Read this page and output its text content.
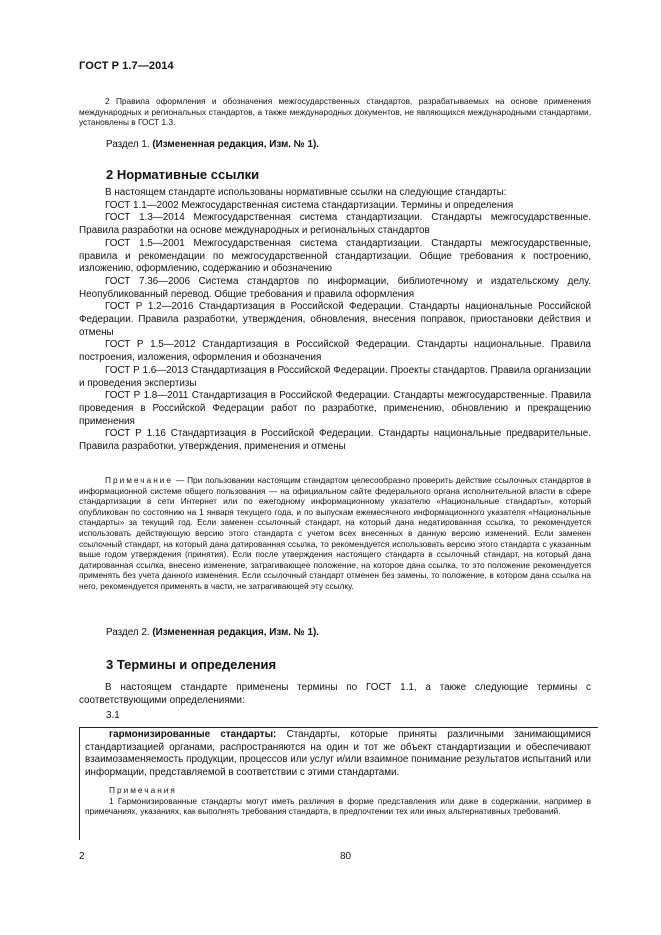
ГОСТ Р 1.7—2014

2 Правила оформления и обозначения межгосударственных стандартов, разрабатываемых на основе применения международных и региональных стандартов, а также международных документов, не являющихся международными стандартами, установлены в ГОСТ 1.3.

Раздел 1. (Измененная редакция, Изм. № 1).
2 Нормативные ссылки

В настоящем стандарте использованы нормативные ссылки на следующие стандарты:

ГОСТ 1.1—2002 Межгосударственная система стандартизации. Термины и определения

ГОСТ 1.3—2014 Межгосударственная система стандартизации. Стандарты межгосударственные. Правила разработки на основе международных и региональных стандартов

ГОСТ 1.5—2001 Межгосударственная система стандартизации. Стандарты межгосударственные, правила и рекомендации по межгосударственной стандартизации. Общие требования к построению, изложению, оформлению, содержанию и обозначению

ГОСТ 7.36—2006 Система стандартов по информации, библиотечному и издательскому делу. Неопубликованный перевод. Общие требования и правила оформления

ГОСТ Р 1.2—2016 Стандартизация в Российской Федерации. Стандарты национальные Российской Федерации. Правила разработки, утверждения, обновления, внесения поправок, приостановки действия и отмены

ГОСТ Р 1.5—2012 Стандартизация в Российской Федерации. Стандарты национальные. Правила построения, изложения, оформления и обозначения

ГОСТ Р 1.6—2013 Стандартизация в Российской Федерации. Проекты стандартов. Правила организации и проведения экспертизы

ГОСТ Р 1.8—2011 Стандартизация в Российской Федерации. Стандарты межгосударственные. Правила проведения в Российской Федерации работ по разработке, применению, обновлению и прекращению применения

ГОСТ Р 1.16 Стандартизация в Российской Федерации. Стандарты национальные предварительные. Правила разработки, утверждения, применения и отмены

Примечание — При пользовании настоящим стандартом целесообразно проверить действие ссылочных стандартов в информационной системе общего пользования — на официальном сайте федерального органа исполнительной власти в сфере стандартизации в сети Интернет или по ежегодному информационному указателю «Национальные стандарты», который опубликован по состоянию на 1 января текущего года, и по выпускам ежемесячного информационного указателя «Национальные стандарты» за текущий год. Если заменен ссылочный стандарт, на который дана недатированная ссылка, то рекомендуется использовать действующую версию этого стандарта с учетом всех внесенных в данную версию изменений. Если заменен ссылочный стандарт, на который дана датированная ссылка, то рекомендуется использовать версию этого стандарта с указанным выше годом утверждения (принятия). Если после утверждения настоящего стандарта в ссылочный стандарт, на который дана датированная ссылка, внесено изменение, затрагивающее положение, на которое дана ссылка, то это положение рекомендуется применять без учета данного изменения. Если ссылочный стандарт отменен без замены, то положение, в котором дана ссылка на него, рекомендуется применять в части, не затрагивающей эту ссылку.

Раздел 2. (Измененная редакция, Изм. № 1).
3 Термины и определения

В настоящем стандарте применены термины по ГОСТ 1.1, а также следующие термины с соответствующими определениями:

3.1

гармонизированные стандарты: Стандарты, которые приняты различными занимающимися стандартизацией органами, распространяются на один и тот же объект стандартизации и обеспечивают взаимозаменяемость продукции, процессов или услуг и/или взаимное понимание результатов испытаний или информации, представляемой в соответствии с этими стандартами.

Примечания

1 Гармонизированные стандарты могут иметь различия в форме представления или даже в содержании, например в примечаниях, указаниях, как выполнять требования стандарта, в предпочтении тех или иных альтернативных требований.

2	80
